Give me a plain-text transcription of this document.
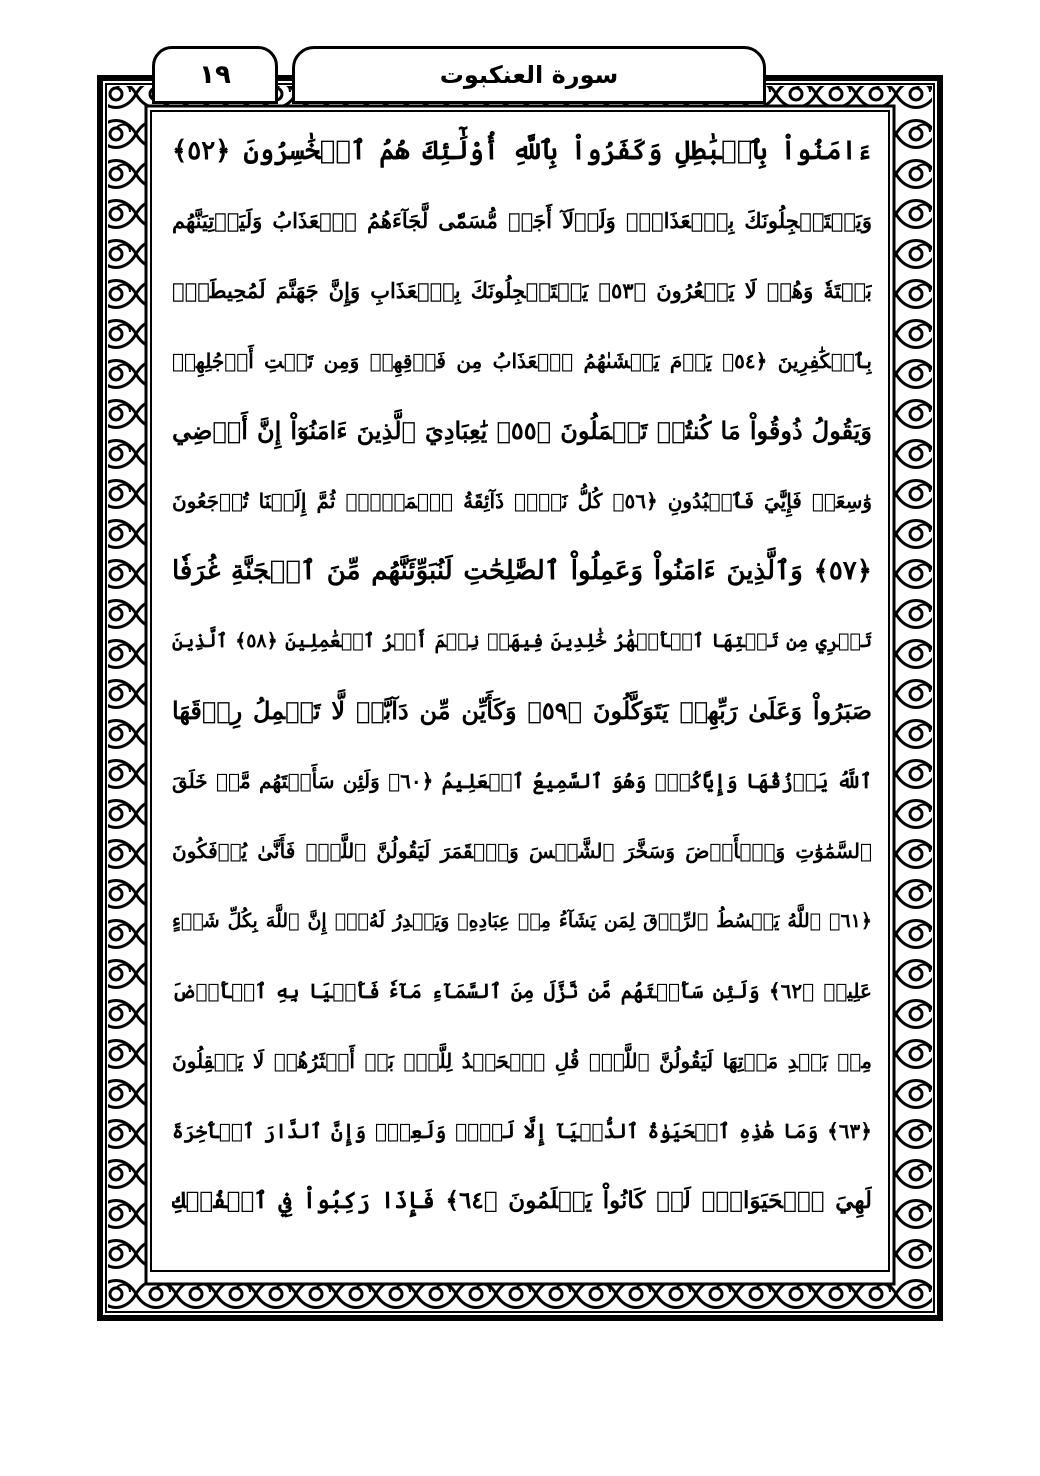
١٩	سورة العنكبوت
ءَامَنُواْ بِٱلۡبَٰطِلِ وَكَفَرُواْ بِٱللَّهِ أُوْلَٰٓئِكَ هُمُ ٱلۡخَٰسِرُونَ ﴿٥٢﴾
وَيَسۡتَعۡجِلُونَكَ بِٱلۡعَذَابِۚ وَلَوۡلَآ أَجَلٞ مُّسَمّٗى لَّجَآءَهُمُ ٱلۡعَذَابُ وَلَيَأۡتِيَنَّهُم
بَغۡتَةٗ وَهُمۡ لَا يَشۡعُرُونَ ﴿٥٣﴾ يَسۡتَعۡجِلُونَكَ بِٱلۡعَذَابِ وَإِنَّ جَهَنَّمَ لَمُحِيطَةُۢ
بِٱلۡكَٰفِرِينَ ﴿٥٤﴾ يَوۡمَ يَغۡشَىٰهُمُ ٱلۡعَذَابُ مِن فَوۡقِهِمۡ وَمِن تَحۡتِ أَرۡجُلِهِمۡ
وَيَقُولُ ذُوقُواْ مَا كُنتُمۡ تَعۡمَلُونَ ﴿٥٥﴾ يَٰعِبَادِيَ ٱلَّذِينَ ءَامَنُوٓاْ إِنَّ أَرۡضِي
وَٰسِعَةٞ فَإِيَّٰيَ فَٱعۡبُدُونِ ﴿٥٦﴾ كُلُّ نَفۡسٖ ذَآئِقَةُ ٱلۡمَوۡتِۖ ثُمَّ إِلَيۡنَا تُرۡجَعُونَ
﴿٥٧﴾ وَٱلَّذِينَ ءَامَنُواْ وَعَمِلُواْ ٱلصَّٰلِحَٰتِ لَنُبَوِّئَنَّهُم مِّنَ ٱلۡجَنَّةِ غُرَفٗا
تَجۡرِي مِن تَحۡتِهَا ٱلۡأَنۡهَٰرُ خَٰلِدِينَ فِيهَاۚ نِعۡمَ أَجۡرُ ٱلۡعَٰمِلِينَ ﴿٥٨﴾ ٱلَّذِينَ
صَبَرُواْ وَعَلَىٰ رَبِّهِمۡ يَتَوَكَّلُونَ ﴿٥٩﴾ وَكَأَيِّن مِّن دَآبَّةٖ لَّا تَحۡمِلُ رِزۡقَهَا
ٱللَّهُ يَرۡزُقُهَا وَإِيَّاكُمۡۚ وَهُوَ ٱلسَّمِيعُ ٱلۡعَلِيمُ ﴿٦٠﴾ وَلَئِن سَأَلۡتَهُم مَّنۡ خَلَقَ
ٱلسَّمَٰوَٰتِ وَٱلۡأَرۡضَ وَسَخَّرَ ٱلشَّمۡسَ وَٱلۡقَمَرَ لَيَقُولُنَّ ٱللَّهُۖ فَأَنَّىٰ يُؤۡفَكُونَ
﴿٦١﴾ ٱللَّهُ يَبۡسُطُ ٱلرِّزۡقَ لِمَن يَشَآءُ مِنۡ عِبَادِهِۦ وَيَقۡدِرُ لَهُۥٓۚ إِنَّ ٱللَّهَ بِكُلِّ شَيۡءٍ
عَلِيمٞ ﴿٦٢﴾ وَلَئِن سَأَلۡتَهُم مَّن نَّزَّلَ مِنَ ٱلسَّمَآءِ مَآءٗ فَأَحۡيَا بِهِ ٱلۡأَرۡضَ
مِنۢ بَعۡدِ مَوۡتِهَا لَيَقُولُنَّ ٱللَّهُۚ قُلِ ٱلۡحَمۡدُ لِلَّهِۚ بَلۡ أَكۡثَرُهُمۡ لَا يَعۡقِلُونَ
﴿٦٣﴾ وَمَا هَٰذِهِ ٱلۡحَيَوٰةُ ٱلدُّنۡيَآ إِلَّا لَهۡوٞ وَلَعِبٞۚ وَإِنَّ ٱلدَّارَ ٱلۡأٓخِرَةَ
لَهِيَ ٱلۡحَيَوَانُۚ لَوۡ كَانُواْ يَعۡلَمُونَ ﴿٦٤﴾ فَإِذَا رَكِبُواْ فِي ٱلۡفُلۡكِ
